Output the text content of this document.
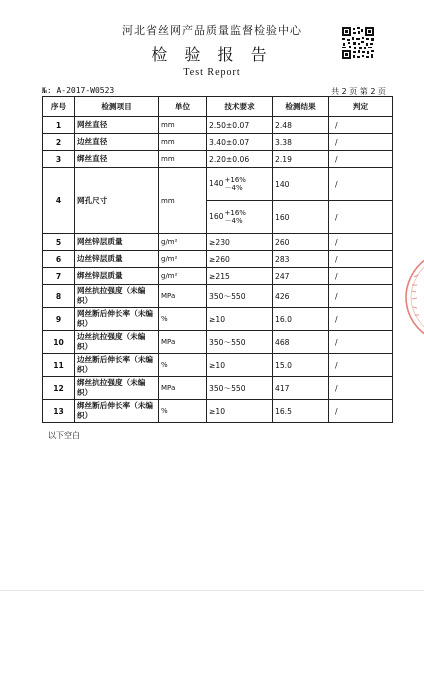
河北省丝网产品质量监督检验中心
检 验 报 告
Test Report
№: A-2017-W0523	共 2 页 第 2 页
序号	检测项目	单位	技术要求	检测结果	判定
1	网丝直径	mm	2.50±0.07	2.48	/
2	边丝直径	mm	3.40±0.07	3.38	/
3	绑丝直径	mm	2.20±0.06	2.19	/
4	网孔尺寸	mm	140 +16%
－4%	140	/
			160 +16%
－4%	160	/
5	网丝锌层质量	g/m²	≥230	260	/
6	边丝锌层质量	g/m²	≥260	283	/
7	绑丝锌层质量	g/m²	≥215	247	/
8	网丝抗拉强度（未编织）	MPa	350～550	426	/
9	网丝断后伸长率（未编织）	%	≥10	16.0	/
10	边丝抗拉强度（未编织）	MPa	350～550	468	/
11	边丝断后伸长率（未编织）	%	≥10	15.0	/
12	绑丝抗拉强度（未编织）	MPa	350～550	417	/
13	绑丝断后伸长率（未编织）	%	≥10	16.5	/
以下空白
